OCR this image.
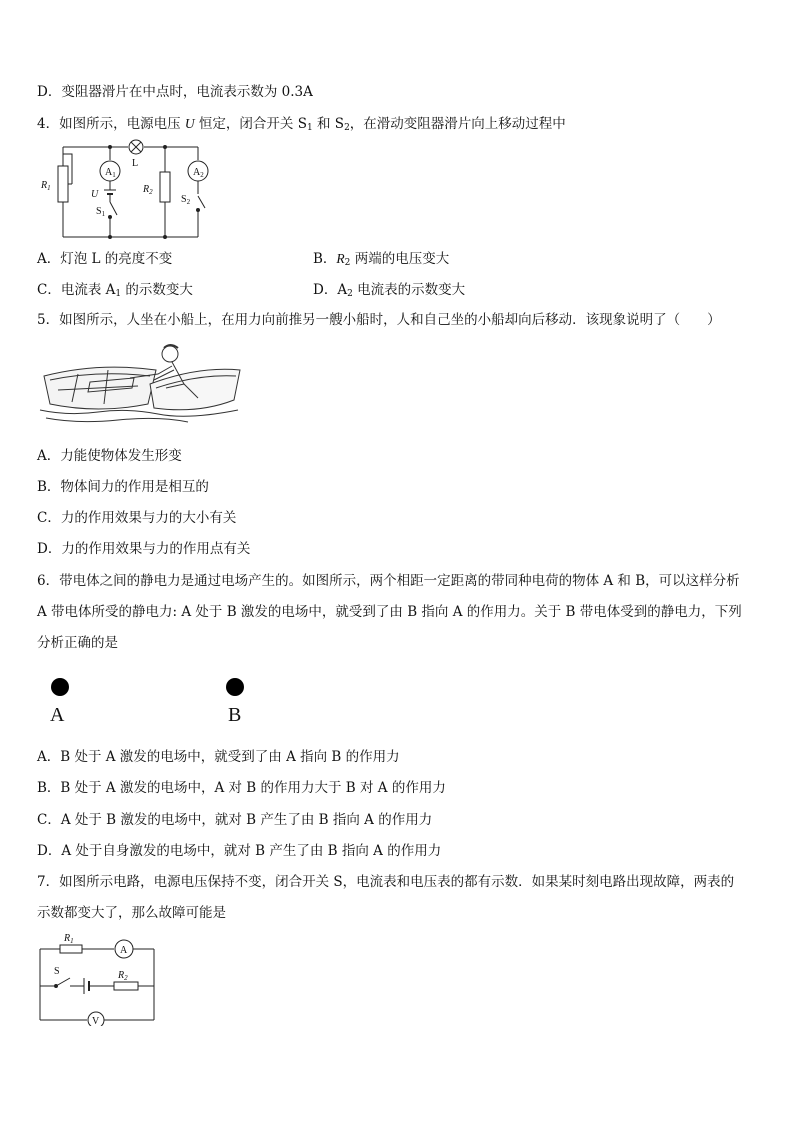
D．变阻器滑片在中点时，电流表示数为 0.3A
4．如图所示，电源电压 U 恒定，闭合开关 $S_1$ 和 $S_2$，在滑动变阻器滑片向上移动过程中
$A_1$	$A_2$
L
$R_1$	$R_2$
U
$S_1$
$S_2$
A．灯泡 L 的亮度不变	B．$R_2$ 两端的电压变大
C．电流表 $A_1$ 的示数变大	D．$A_2$ 电流表的示数变大
5．如图所示，人坐在小船上，在用力向前推另一艘小船时，人和自己坐的小船却向后移动．该现象说明了（　　）
A．力能使物体发生形变
B．物体间力的作用是相互的
C．力的作用效果与力的大小有关
D．力的作用效果与力的作用点有关
6．带电体之间的静电力是通过电场产生的。如图所示，两个相距一定距离的带同种电荷的物体 A 和 B，可以这样分析
A 带电体所受的静电力: A 处于 B 激发的电场中，就受到了由 B 指向 A 的作用力。关于 B 带电体受到的静电力，下列
分析正确的是
A	B
A．B 处于 A 激发的电场中，就受到了由 A 指向 B 的作用力
B．B 处于 A 激发的电场中，A 对 B 的作用力大于 B 对 A 的作用力
C．A 处于 B 激发的电场中，就对 B 产生了由 B 指向 A 的作用力
D．A 处于自身激发的电场中，就对 B 产生了由 B 指向 A 的作用力
7．如图所示电路，电源电压保持不变，闭合开关 S，电流表和电压表的都有示数．如果某时刻电路出现故障，两表的
示数都变大了，那么故障可能是
$R_1$
A
S	$R_2$
V
